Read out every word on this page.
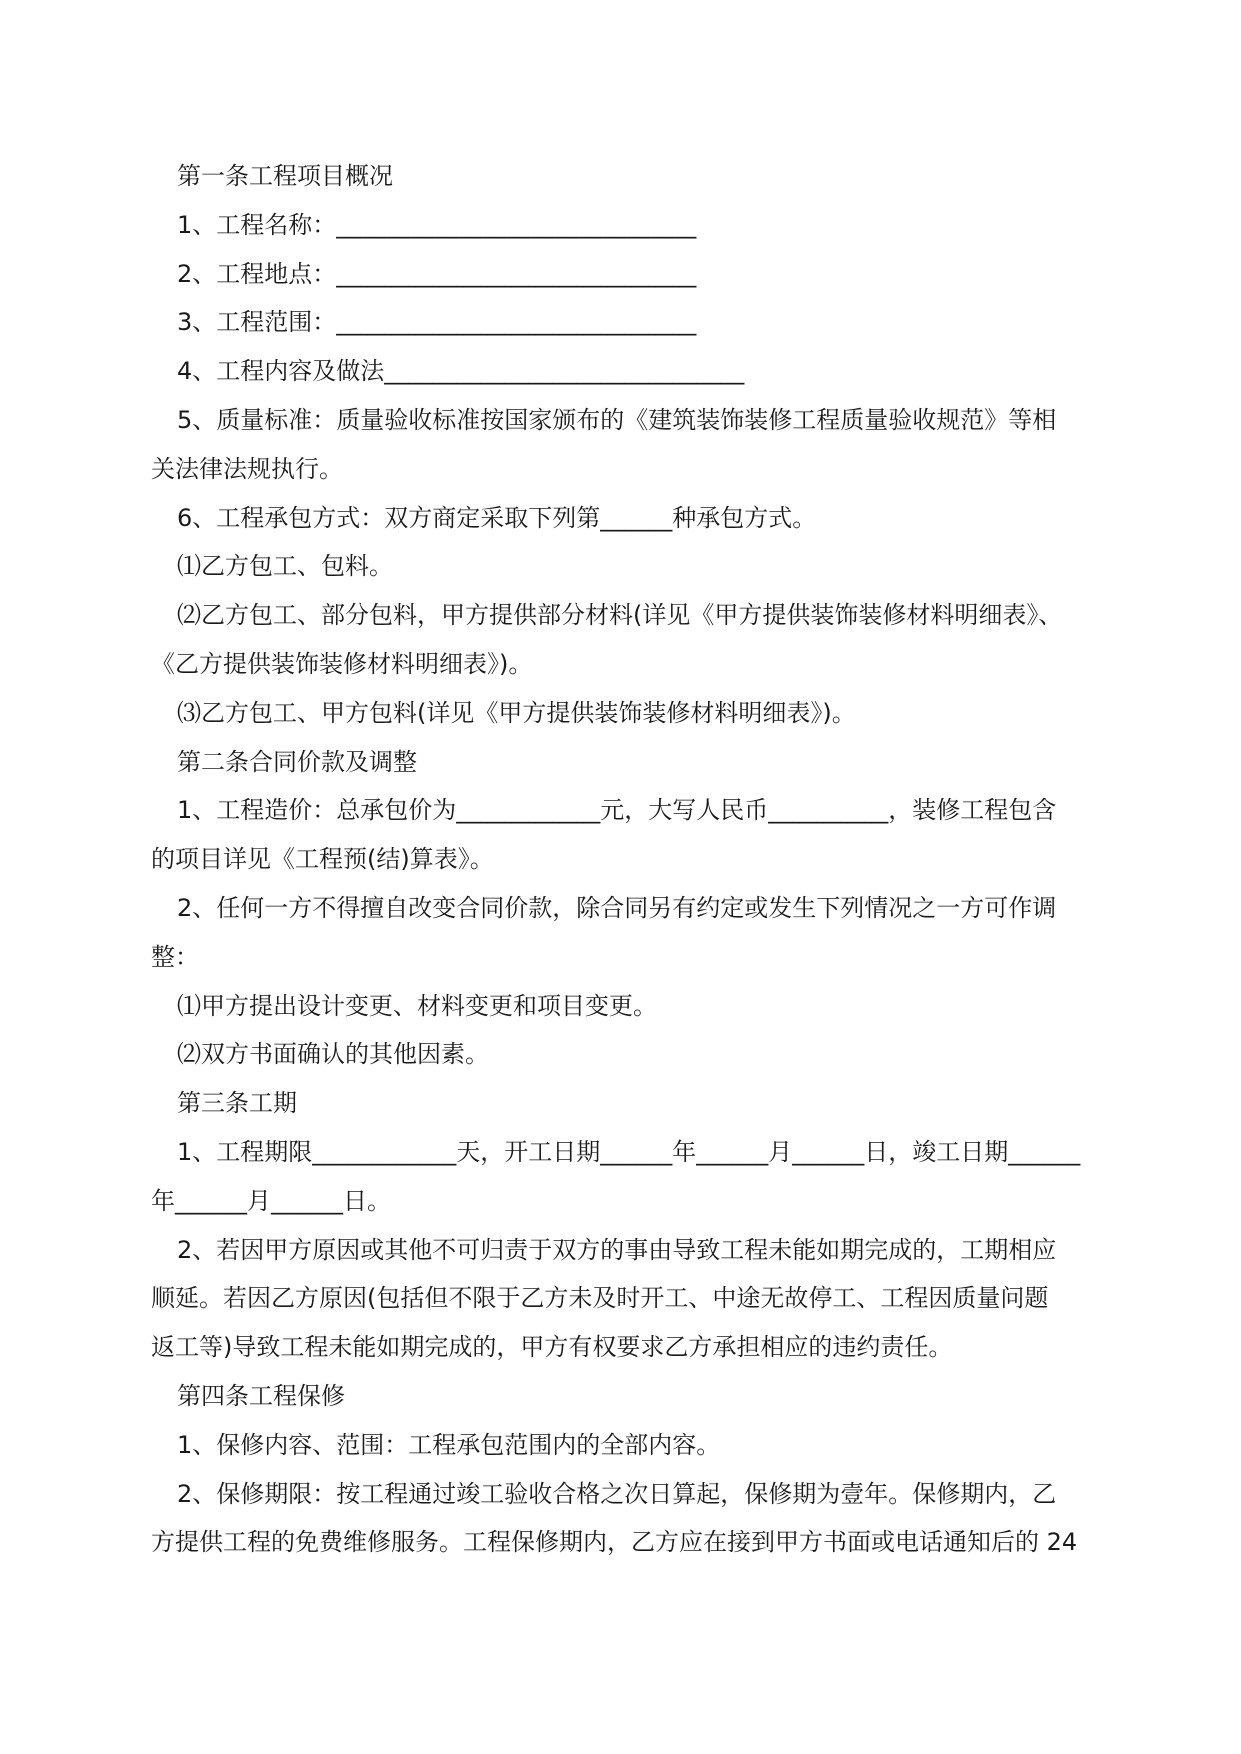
第一条工程项目概况

1、工程名称：______________________________

2、工程地点：______________________________

3、工程范围：______________________________

4、工程内容及做法______________________________

5、质量标准：质量验收标准按国家颁布的《建筑装饰装修工程质量验收规范》等相

关法律法规执行。

6、工程承包方式：双方商定采取下列第______种承包方式。

⑴乙方包工、包料。

⑵乙方包工、部分包料，甲方提供部分材料(详见《甲方提供装饰装修材料明细表》、

《乙方提供装饰装修材料明细表》)。

⑶乙方包工、甲方包料(详见《甲方提供装饰装修材料明细表》)。

第二条合同价款及调整

1、工程造价：总承包价为____________元，大写人民币__________，装修工程包含

的项目详见《工程预(结)算表》。

2、任何一方不得擅自改变合同价款，除合同另有约定或发生下列情况之一方可作调

整：

⑴甲方提出设计变更、材料变更和项目变更。

⑵双方书面确认的其他因素。

第三条工期

1、工程期限____________天，开工日期______年______月______日，竣工日期______

年______月______日。

2、若因甲方原因或其他不可归责于双方的事由导致工程未能如期完成的，工期相应

顺延。若因乙方原因(包括但不限于乙方未及时开工、中途无故停工、工程因质量问题

返工等)导致工程未能如期完成的，甲方有权要求乙方承担相应的违约责任。

第四条工程保修

1、保修内容、范围：工程承包范围内的全部内容。

2、保修期限：按工程通过竣工验收合格之次日算起，保修期为壹年。保修期内，乙

方提供工程的免费维修服务。工程保修期内，乙方应在接到甲方书面或电话通知后的 24
